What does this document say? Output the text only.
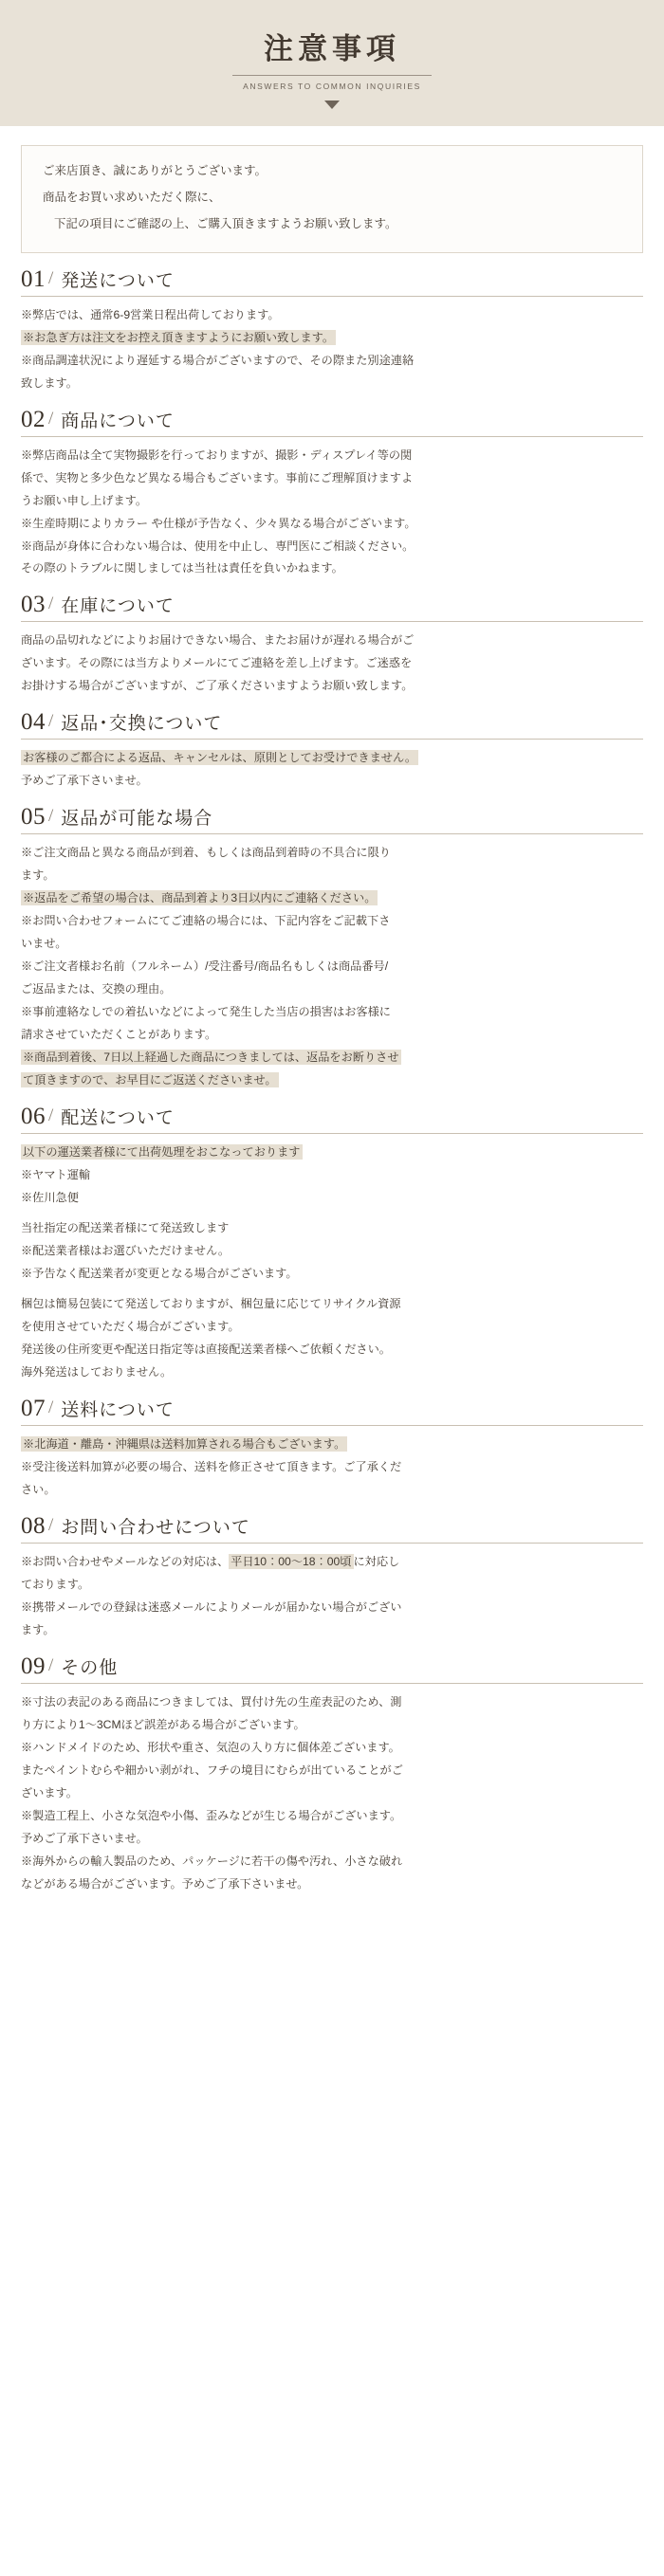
注意事項
ANSWERS TO COMMON INQUIRIES

ご来店頂き、誠にありがとうございます。

商品をお買い求めいただく際に、

下記の項目にご確認の上、ご購入頂きますようお願い致します。

01 / 発送について

※弊店では、通常6-9営業日程出荷しております。

※お急ぎ方は注文をお控え頂きますようにお願い致します。

※商品調達状況により遅延する場合がございますので、その際また別途連絡

致します。

02 / 商品について

※弊店商品は全て実物撮影を行っておりますが、撮影・ディスプレイ等の関

係で、実物と多少色など異なる場合もございます。事前にご理解頂けますよ

うお願い申し上げます。

※生産時期によりカラー や仕様が予告なく、少々異なる場合がございます。

※商品が身体に合わない場合は、使用を中止し、専門医にご相談ください。

その際のトラブルに関しましては当社は責任を負いかねます。

03 / 在庫について

商品の品切れなどによりお届けできない場合、またお届けが遅れる場合がご

ざいます。その際には当方よりメールにてご連絡を差し上げます。ご迷惑を

お掛けする場合がございますが、ご了承くださいますようお願い致します。

04 / 返品･交換について

お客様のご都合による返品、キャンセルは、原則としてお受けできません。

予めご了承下さいませ。

05 / 返品が可能な場合

※ご注文商品と異なる商品が到着、もしくは商品到着時の不具合に限り

ます。

※返品をご希望の場合は、商品到着より3日以内にご連絡ください。

※お問い合わせフォームにてご連絡の場合には、下記内容をご記載下さ

いませ。

※ご注文者様お名前（フルネーム）/受注番号/商品名もしくは商品番号/

ご返品または、交換の理由。

※事前連絡なしでの着払いなどによって発生した当店の損害はお客様に

請求させていただくことがあります。

※商品到着後、7日以上経過した商品につきましては、返品をお断りさせ

て頂きますので、お早目にご返送くださいませ。

06 / 配送について

以下の運送業者様にて出荷処理をおこなっております

※ヤマト運輸

※佐川急便

当社指定の配送業者様にて発送致します

※配送業者様はお選びいただけません。

※予告なく配送業者が変更となる場合がございます。

梱包は簡易包装にて発送しておりますが、梱包量に応じてリサイクル資源

を使用させていただく場合がございます。

発送後の住所変更や配送日指定等は直接配送業者様へご依頼ください。

海外発送はしておりません。

07 / 送料について

※北海道・離島・沖縄県は送料加算される場合もございます。

※受注後送料加算が必要の場合、送料を修正させて頂きます。ご了承くだ

さい。

08 / お問い合わせについて

※お問い合わせやメールなどの対応は、 平日10：00～18：00頃 に対応し

ております。

※携帯メールでの登録は迷惑メールによりメールが届かない場合がござい

ます。

09 / その他

※寸法の表記のある商品につきましては、買付け先の生産表記のため、測

り方により1～3CMほど誤差がある場合がございます。

※ハンドメイドのため、形状や重さ、気泡の入り方に個体差ございます。

またペイントむらや細かい剥がれ、フチの境目にむらが出ていることがご

ざいます。

※製造工程上、小さな気泡や小傷、歪みなどが生じる場合がございます。

予めご了承下さいませ。

※海外からの輸入製品のため、パッケージに若干の傷や汚れ、小さな破れ

などがある場合がございます。予めご了承下さいませ。
